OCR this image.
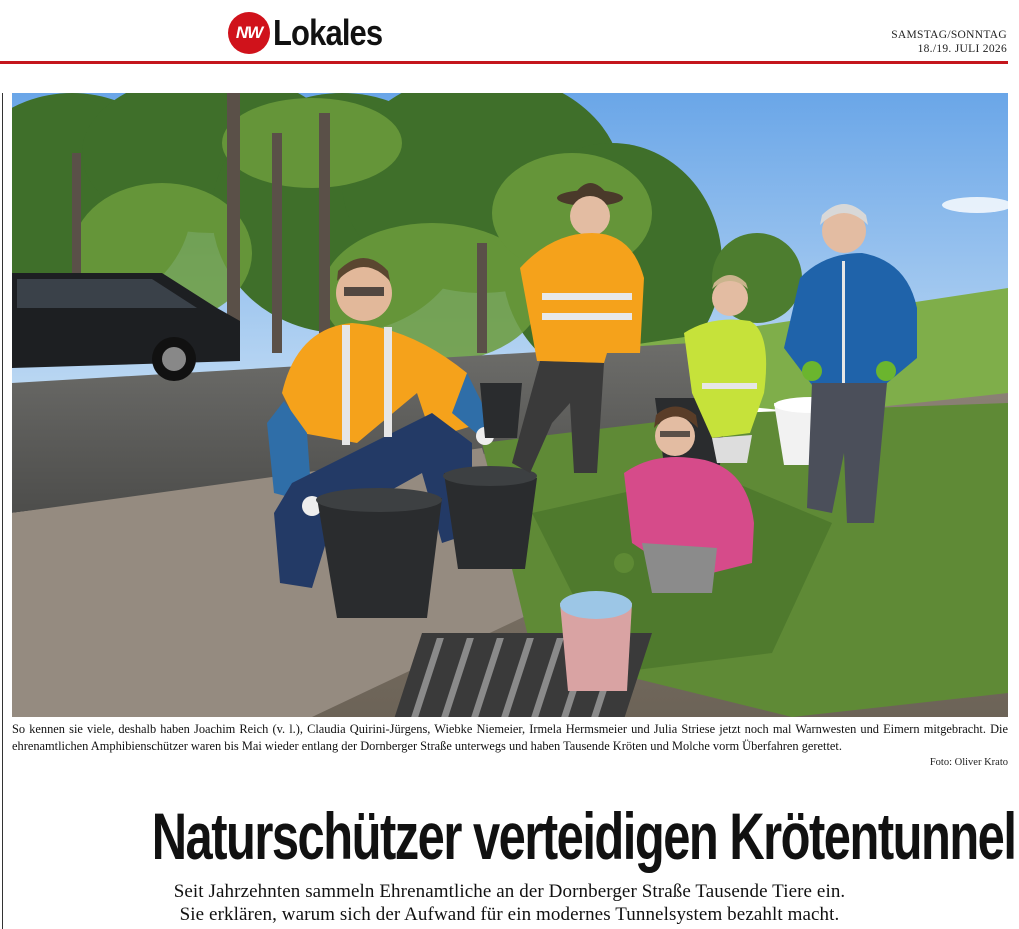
NW Lokales	SAMSTAG/SONNTAG
18./19. JULI 2026
So kennen sie viele, deshalb haben Joachim Reich (v. l.), Claudia Quirini-Jürgens, Wiebke Niemeier, Irmela Hermsmeier und Julia Striese jetzt noch mal Warnwesten und Eimern mitgebracht. Die ehrenamtlichen Amphibienschützer waren bis Mai wieder entlang der Dornberger Straße unterwegs und haben Tausende Kröten und Molche vorm Überfahren gerettet.
Foto: Oliver Krato
Naturschützer verteidigen Krötentunnel
Seit Jahrzehnten sammeln Ehrenamtliche an der Dornberger Straße Tausende Tiere ein.
Sie erklären, warum sich der Aufwand für ein modernes Tunnelsystem bezahlt macht.
